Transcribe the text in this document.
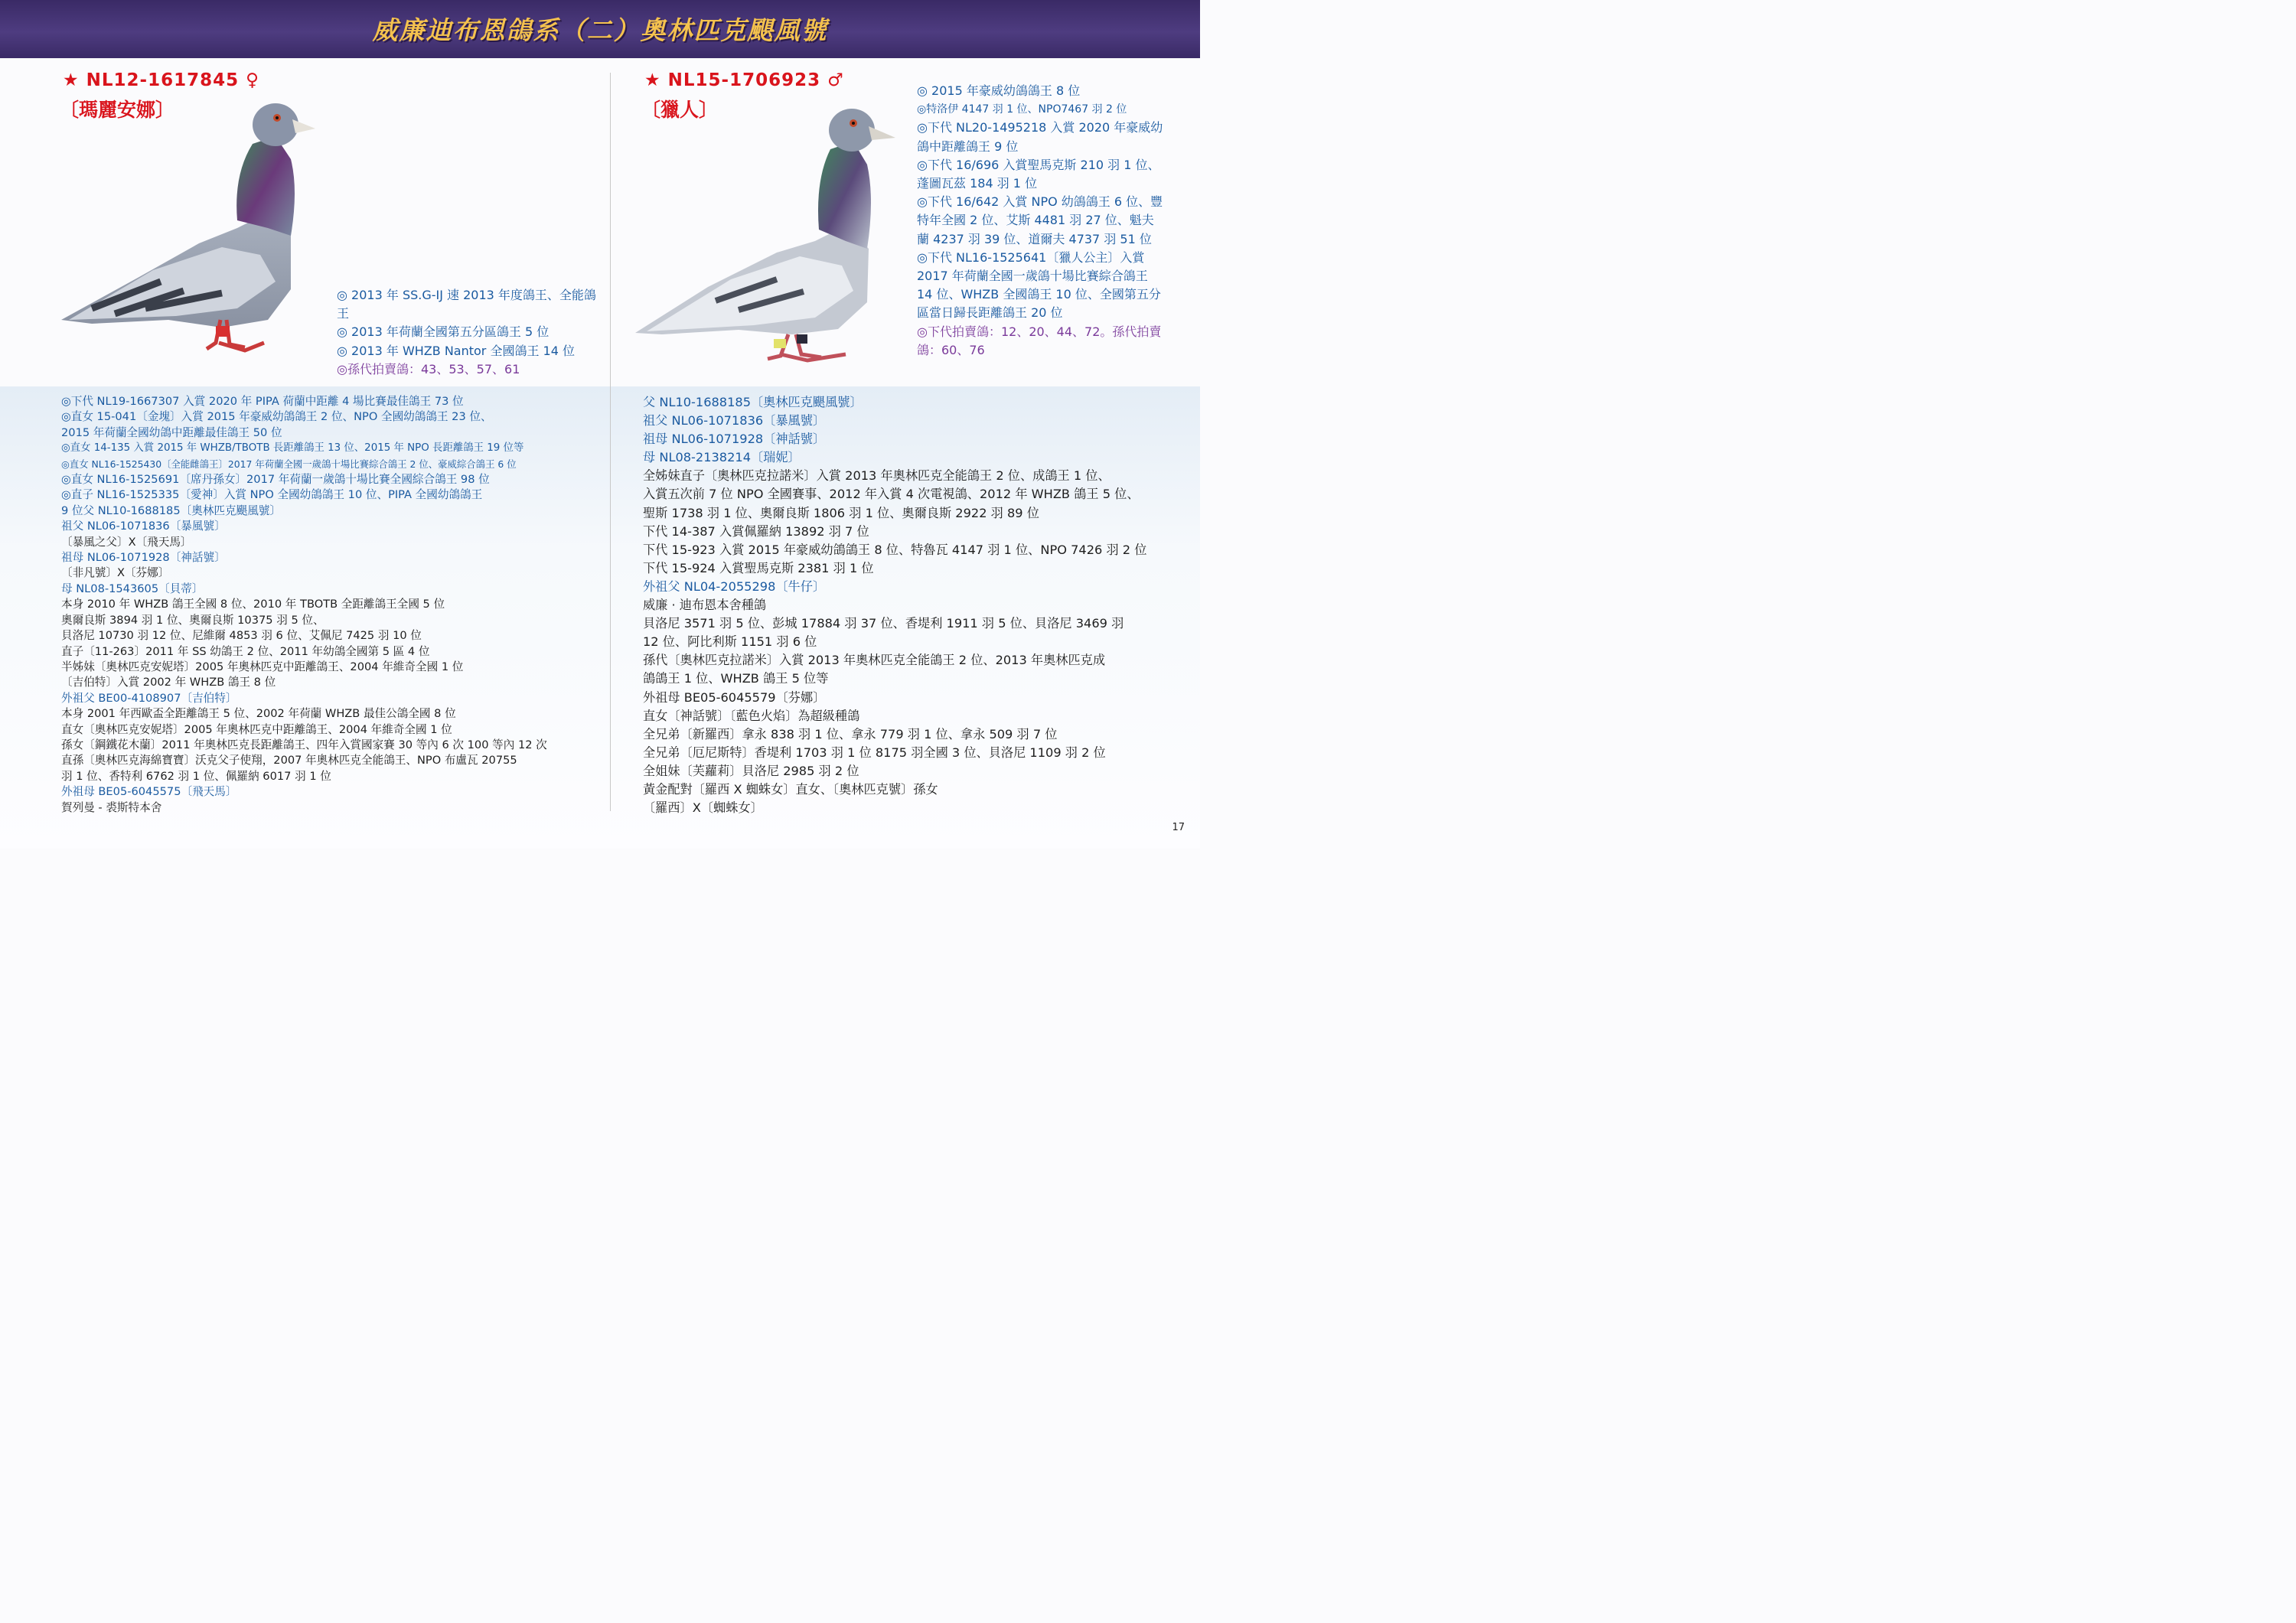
威廉迪布恩鴿系（二）奧林匹克颶風號
★ NL12-1617845 ♀
〔瑪麗安娜〕
◎ 2013 年 SS.G-IJ 速 2013 年度鴿王、全能鴿王
◎ 2013 年荷蘭全國第五分區鴿王 5 位
◎ 2013 年 WHZB Nantor 全國鴿王 14 位
◎孫代拍賣鴿：43、53、57、61
◎下代 NL19-1667307 入賞 2020 年 PIPA 荷蘭中距離 4 場比賽最佳鴿王 73 位
◎直女 15-041〔金塊〕入賞 2015 年豪威幼鴿鴿王 2 位、NPO 全國幼鴿鴿王 23 位、
2015 年荷蘭全國幼鴿中距離最佳鴿王 50 位
◎直女 14-135 入賞 2015 年 WHZB/TBOTB 長距離鴿王 13 位、2015 年 NPO 長距離鴿王 19 位等
◎直女 NL16-1525430〔全能雌鴿王〕2017 年荷蘭全國一歲鴿十場比賽綜合鴿王 2 位、豪威綜合鴿王 6 位
◎直女 NL16-1525691〔席丹孫女〕2017 年荷蘭一歲鴿十場比賽全國綜合鴿王 98 位
◎直子 NL16-1525335〔愛神〕入賞 NPO 全國幼鴿鴿王 10 位、PIPA 全國幼鴿鴿王
9 位父 NL10-1688185〔奧林匹克颶風號〕
祖父 NL06-1071836〔暴風號〕
〔暴風之父〕X〔飛天馬〕
祖母 NL06-1071928〔神話號〕
〔非凡號〕X〔芬娜〕
母 NL08-1543605〔貝蒂〕
本身 2010 年 WHZB 鴿王全國 8 位、2010 年 TBOTB 全距離鴿王全國 5 位
奧爾良斯 3894 羽 1 位、奧爾良斯 10375 羽 5 位、
貝洛尼 10730 羽 12 位、尼維爾 4853 羽 6 位、艾佩尼 7425 羽 10 位
直子〔11-263〕2011 年 SS 幼鴿王 2 位、2011 年幼鴿全國第 5 區 4 位
半姊妹〔奧林匹克安妮塔〕2005 年奧林匹克中距離鴿王、2004 年維奇全國 1 位
〔吉伯特〕入賞 2002 年 WHZB 鴿王 8 位
外祖父 BE00-4108907〔吉伯特〕
本身 2001 年西歐盃全距離鴿王 5 位、2002 年荷蘭 WHZB 最佳公鴿全國 8 位
直女〔奧林匹克安妮塔〕2005 年奧林匹克中距離鴿王、2004 年維奇全國 1 位
孫女〔鋼鐵花木蘭〕2011 年奧林匹克長距離鴿王、四年入賞國家賽 30 等內 6 次 100 等內 12 次
直孫〔奧林匹克海綿寶寶〕沃克父子使翔，2007 年奧林匹克全能鴿王、NPO 布盧瓦 20755
羽 1 位、香特利 6762 羽 1 位、佩羅納 6017 羽 1 位
外祖母 BE05-6045575〔飛天馬〕
賀列曼 - 裘斯特本舍
★ NL15-1706923 ♂
〔獵人〕
◎ 2015 年豪威幼鴿鴿王 8 位
◎特洛伊 4147 羽 1 位、NPO7467 羽 2 位
◎下代 NL20-1495218 入賞 2020 年豪威幼鴿中距離鴿王 9 位
◎下代 16/696 入賞聖馬克斯 210 羽 1 位、蓬圖瓦茲 184 羽 1 位
◎下代 16/642 入賞 NPO 幼鴿鴿王 6 位、豐特年全國 2 位、艾斯 4481 羽 27 位、魁夫蘭 4237 羽 39 位、道爾夫 4737 羽 51 位
◎下代 NL16-1525641〔獵人公主〕入賞 2017 年荷蘭全國一歲鴿十場比賽綜合鴿王 14 位、WHZB 全國鴿王 10 位、全國第五分區當日歸長距離鴿王 20 位
◎下代拍賣鴿：12、20、44、72。孫代拍賣鴿：60、76
父 NL10-1688185〔奧林匹克颶風號〕
祖父 NL06-1071836〔暴風號〕
祖母 NL06-1071928〔神話號〕
母 NL08-2138214〔瑞妮〕
全姊妹直子〔奧林匹克拉諾米〕入賞 2013 年奧林匹克全能鴿王 2 位、成鴿王 1 位、
入賞五次前 7 位 NPO 全國賽事、2012 年入賞 4 次電視鴿、2012 年 WHZB 鴿王 5 位、
聖斯 1738 羽 1 位、奧爾良斯 1806 羽 1 位、奧爾良斯 2922 羽 89 位
下代 14-387 入賞佩羅納 13892 羽 7 位
下代 15-923 入賞 2015 年豪威幼鴿鴿王 8 位、特魯瓦 4147 羽 1 位、NPO 7426 羽 2 位
下代 15-924 入賞聖馬克斯 2381 羽 1 位
外祖父 NL04-2055298〔牛仔〕
威廉 · 迪布恩本舍種鴿
貝洛尼 3571 羽 5 位、彭城 17884 羽 37 位、香堤利 1911 羽 5 位、貝洛尼 3469 羽
12 位、阿比利斯 1151 羽 6 位
孫代〔奧林匹克拉諾米〕入賞 2013 年奧林匹克全能鴿王 2 位、2013 年奧林匹克成
鴿鴿王 1 位、WHZB 鴿王 5 位等
外祖母 BE05-6045579〔芬娜〕
直女〔神話號〕〔藍色火焰〕為超級種鴿
全兄弟〔新羅西〕拿永 838 羽 1 位、拿永 779 羽 1 位、拿永 509 羽 7 位
全兄弟〔厄尼斯特〕香堤利 1703 羽 1 位 8175 羽全國 3 位、貝洛尼 1109 羽 2 位
全姐妹〔芙蘿莉〕貝洛尼 2985 羽 2 位
黃金配對〔羅西 X 蜘蛛女〕直女、〔奧林匹克號〕孫女
〔羅西〕X〔蜘蛛女〕
17
